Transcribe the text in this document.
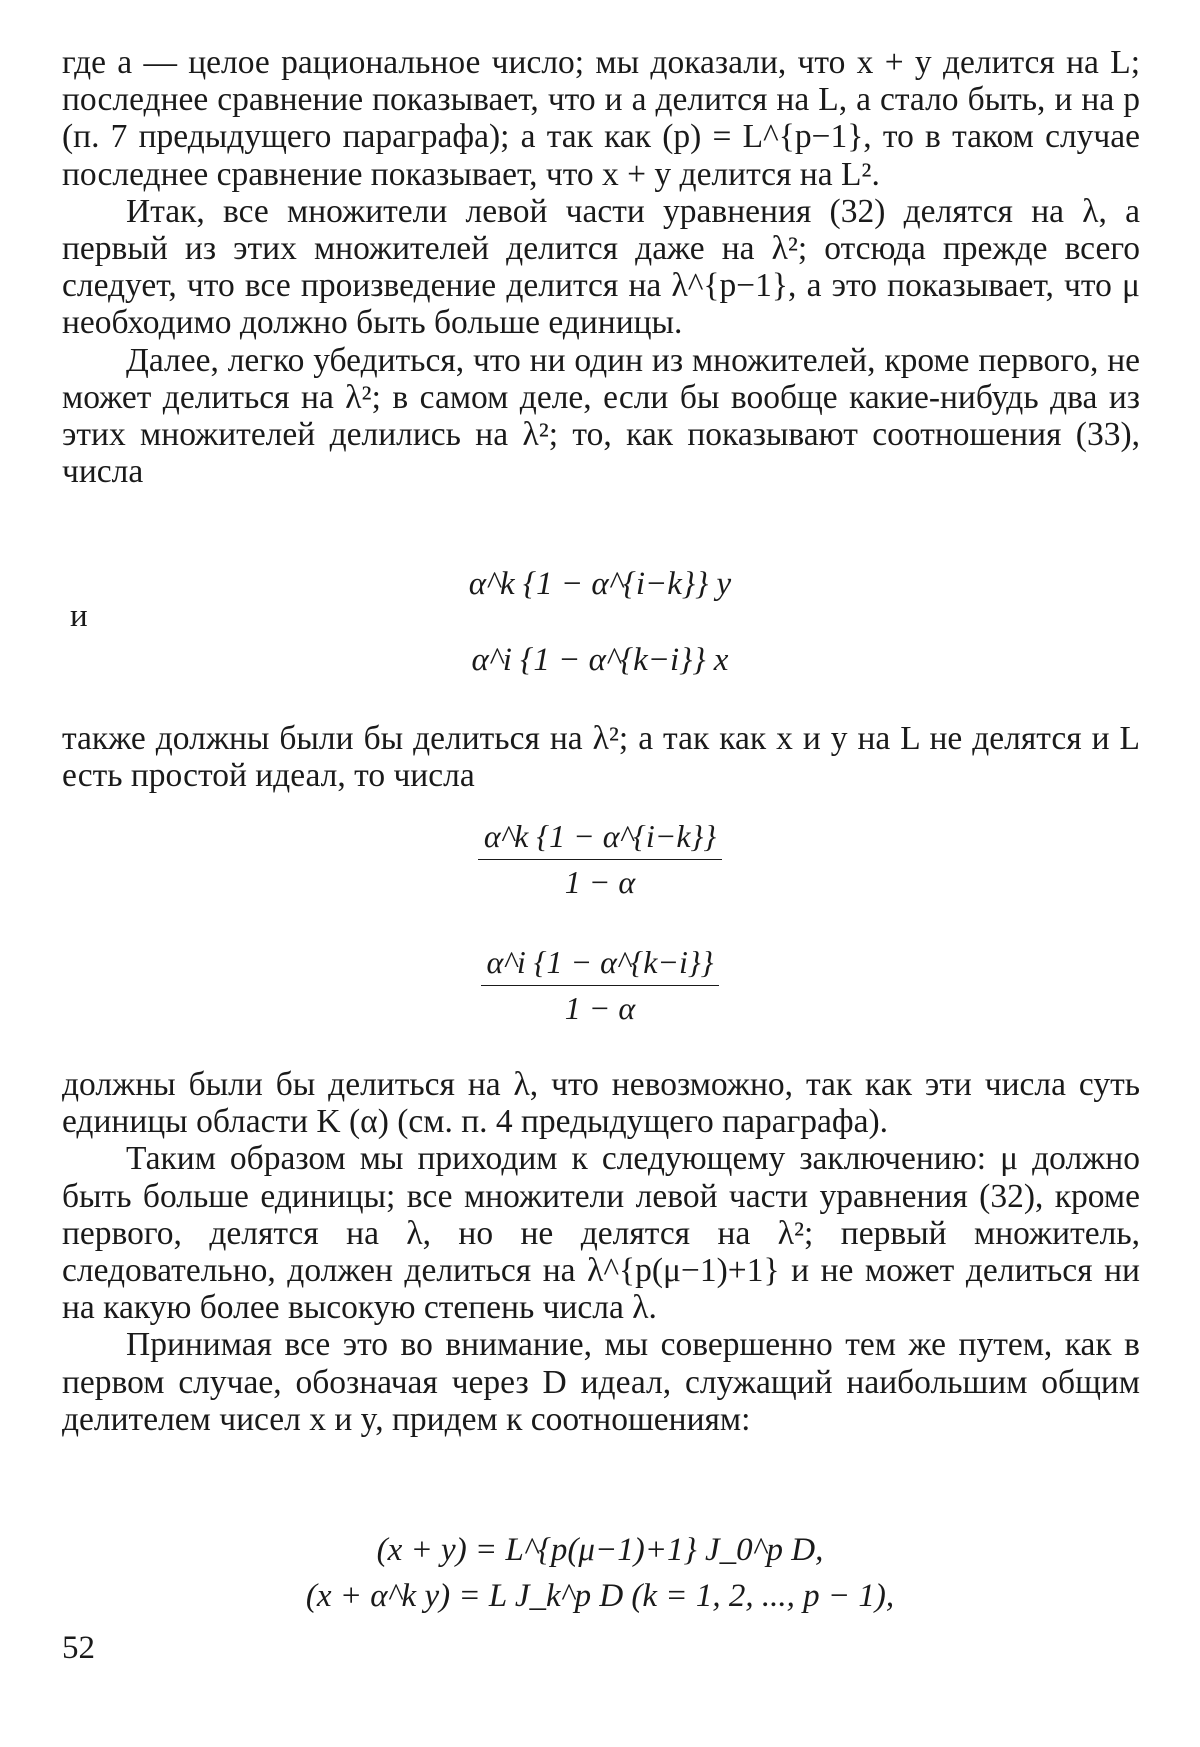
где a — целое рациональное число; мы доказали, что x + y делится на L; последнее сравнение показывает, что и a делится на L, а стало быть, и на p (п. 7 предыдущего параграфа); а так как (p) = L^{p−1}, то в таком случае последнее сравнение показывает, что x + y делится на L².

Итак, все множители левой части уравнения (32) делятся на λ, а первый из этих множителей делится даже на λ²; отсюда прежде всего следует, что все произведение делится на λ^{p−1}, а это показывает, что μ необходимо должно быть больше единицы.

Далее, легко убедиться, что ни один из множителей, кроме первого, не может делиться на λ²; в самом деле, если бы вообще какие-нибудь два из этих множителей делились на λ²; то, как показывают соотношения (33), числа

α^k {1 − α^{i−k}} y
и
α^i {1 − α^{k−i}} x

также должны были бы делиться на λ²; а так как x и y на L не делятся и L есть простой идеал, то числа

$\frac{\alpha\^{}k \{1 - \alpha\^{}\{i-k\}\}}{1 - \alpha}$
$\frac{\alpha\^{}i \{1 - \alpha\^{}\{k-i\}\}}{1 - \alpha}$

должны были бы делиться на λ, что невозможно, так как эти числа суть единицы области K (α) (см. п. 4 предыдущего параграфа).

Таким образом мы приходим к следующему заключению: μ должно быть больше единицы; все множители левой части уравнения (32), кроме первого, делятся на λ, но не делятся на λ²; первый множитель, следовательно, должен делиться на λ^{p(μ−1)+1} и не может делиться ни на какую более высокую степень числа λ.

Принимая все это во внимание, мы совершенно тем же путем, как в первом случае, обозначая через D идеал, служащий наибольшим общим делителем чисел x и y, придем к соотношениям:

(x + y) = L^{p(μ−1)+1} J_0^p D,
(x + α^k y) = L J_k^p D (k = 1, 2, ..., p − 1),
52
